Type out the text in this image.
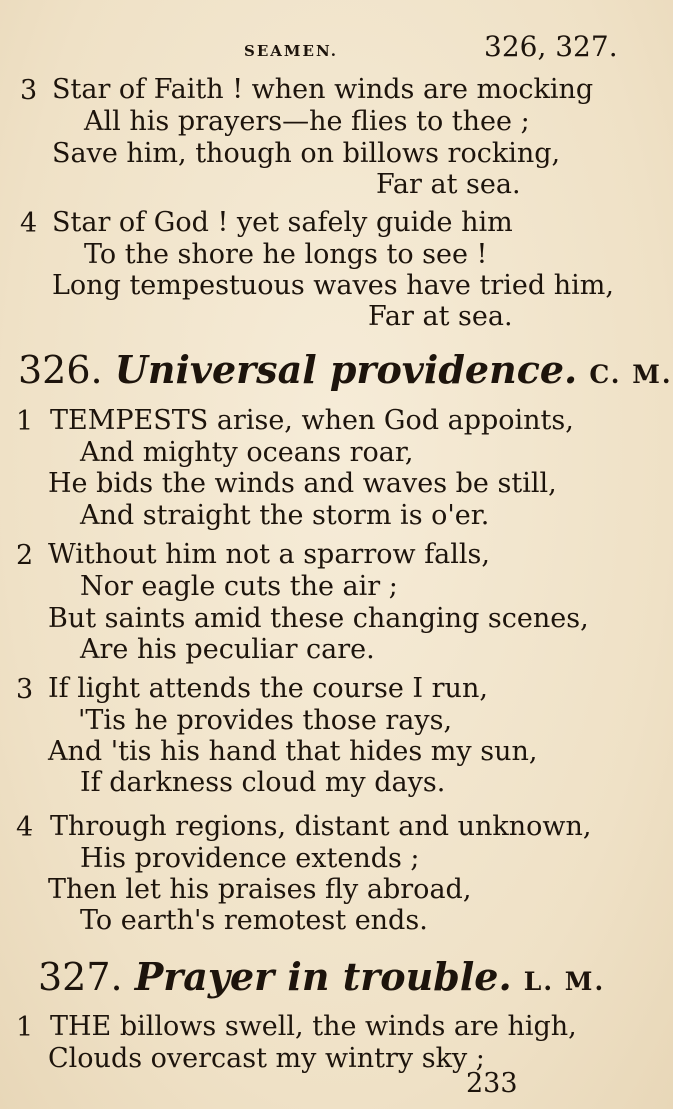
SEAMEN.	326, 327.
3 Star of Faith ! when winds are mocking
All his prayers—he flies to thee ;
Save him, though on billows rocking,
Far at sea.
4 Star of God ! yet safely guide him
To the shore he longs to see !
Long tempestuous waves have tried him,
Far at sea.
326. Universal providence. C. M.
1 TEMPESTS arise, when God appoints,
And mighty oceans roar,
He bids the winds and waves be still,
And straight the storm is o'er.
2 Without him not a sparrow falls,
Nor eagle cuts the air ;
But saints amid these changing scenes,
Are his peculiar care.
3 If light attends the course I run,
'Tis he provides those rays,
And 'tis his hand that hides my sun,
If darkness cloud my days.
4 Through regions, distant and unknown,
His providence extends ;
Then let his praises fly abroad,
To earth's remotest ends.
327. Prayer in trouble. L. M.
1 THE billows swell, the winds are high,
Clouds overcast my wintry sky ;
233
